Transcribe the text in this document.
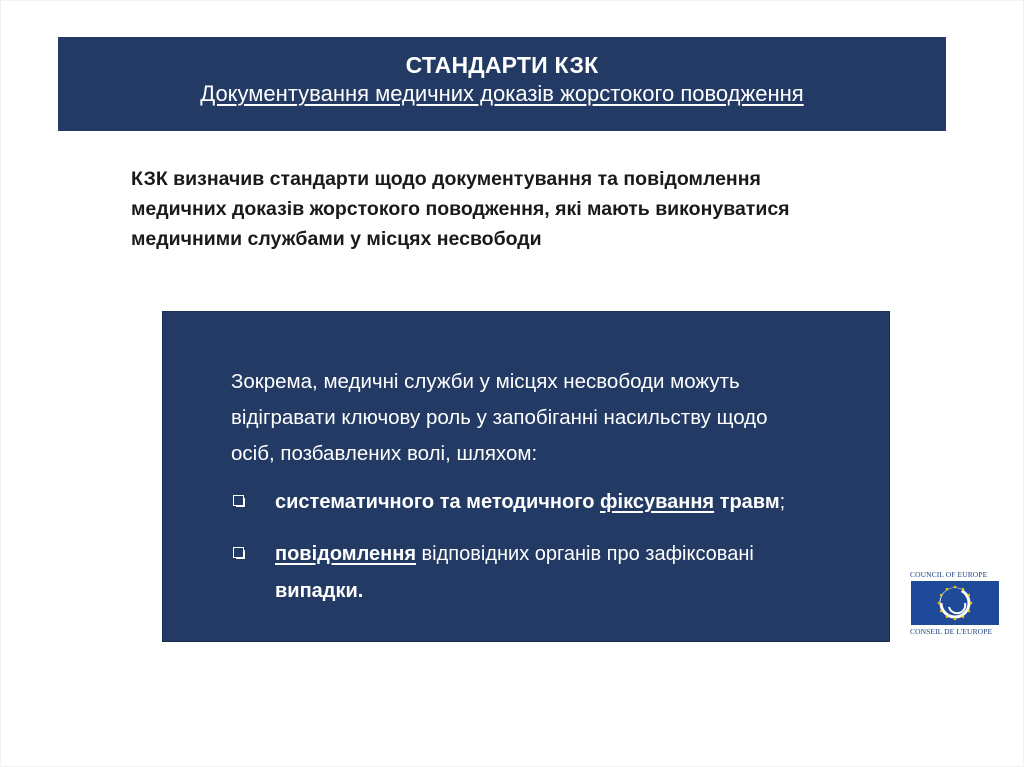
СТАНДАРТИ КЗК
Документування медичних доказів жорстокого поводження

КЗК визначив стандарти щодо документування та повідомлення

медичних доказів жорстокого поводження, які мають виконуватися

медичними службами у місцях несвободи

Зокрема, медичні служби у місцях несвободи можуть

відігравати ключову роль у запобіганні насильству щодо

осіб, позбавлених волі, шляхом:

систематичного та методичного фіксування травм;
повідомлення відповідних органів про зафіксовані
випадки.
COUNCIL OF EUROPE
CONSEIL DE L'EUROPE
